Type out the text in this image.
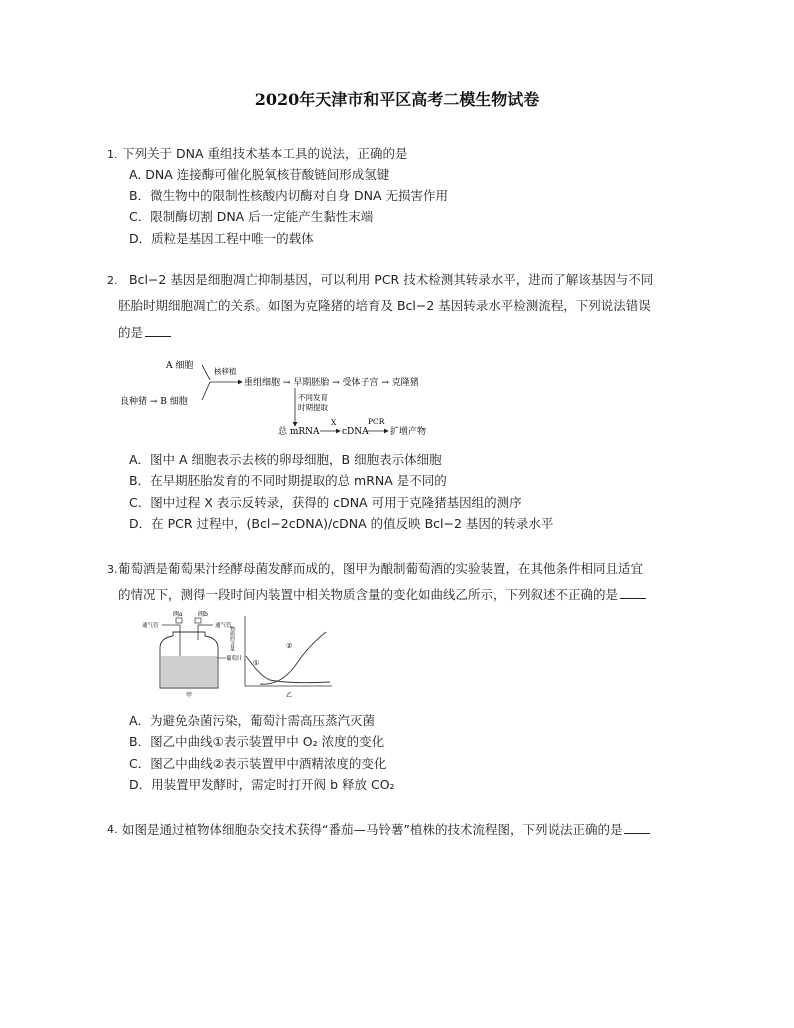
2020年天津市和平区高考二模生物试卷
1. 下列关于 DNA 重组技术基本工具的说法，正确的是
A. DNA 连接酶可催化脱氧核苷酸链间形成氢键
B．微生物中的限制性核酸内切酶对自身 DNA 无损害作用
C．限制酶切割 DNA 后一定能产生黏性末端
D．质粒是基因工程中唯一的载体
2. Bcl−2 基因是细胞凋亡抑制基因，可以利用 PCR 技术检测其转录水平，进而了解该基因与不同
胚胎时期细胞凋亡的关系。如图为克隆猪的培育及 Bcl−2 基因转录水平检测流程，下列说法错误
的是
A 细胞
良种猪 → B 细胞
核移植
重组细胞 → 早期胚胎 → 受体子宫 → 克隆猪
不同发育
时期提取
总 mRNA
X
cDNA
PCR
扩增产物
A．图中 A 细胞表示去核的卵母细胞，B 细胞表示体细胞
B．在早期胚胎发育的不同时期提取的总 mRNA 是不同的
C．图中过程 X 表示反转录，获得的 cDNA 可用于克隆猪基因组的测序
D．在 PCR 过程中，(Bcl−2cDNA)/cDNA 的值反映 Bcl−2 基因的转录水平
3. 葡萄酒是葡萄果汁经酵母菌发酵而成的，图甲为酿制葡萄酒的实验装置，在其他条件相同且适宜
的情况下，测得一段时间内装置中相关物质含量的变化如曲线乙所示，下列叙述不正确的是
阀a	阀b
通气管	通气管
葡萄汁
甲
物质的含量
①
②
乙
A．为避免杂菌污染，葡萄汁需高压蒸汽灭菌
B．图乙中曲线①表示装置甲中 O₂ 浓度的变化
C．图乙中曲线②表示装置甲中酒精浓度的变化
D．用装置甲发酵时，需定时打开阀 b 释放 CO₂
4. 如图是通过植物体细胞杂交技术获得“番茄—马铃薯”植株的技术流程图，下列说法正确的是
